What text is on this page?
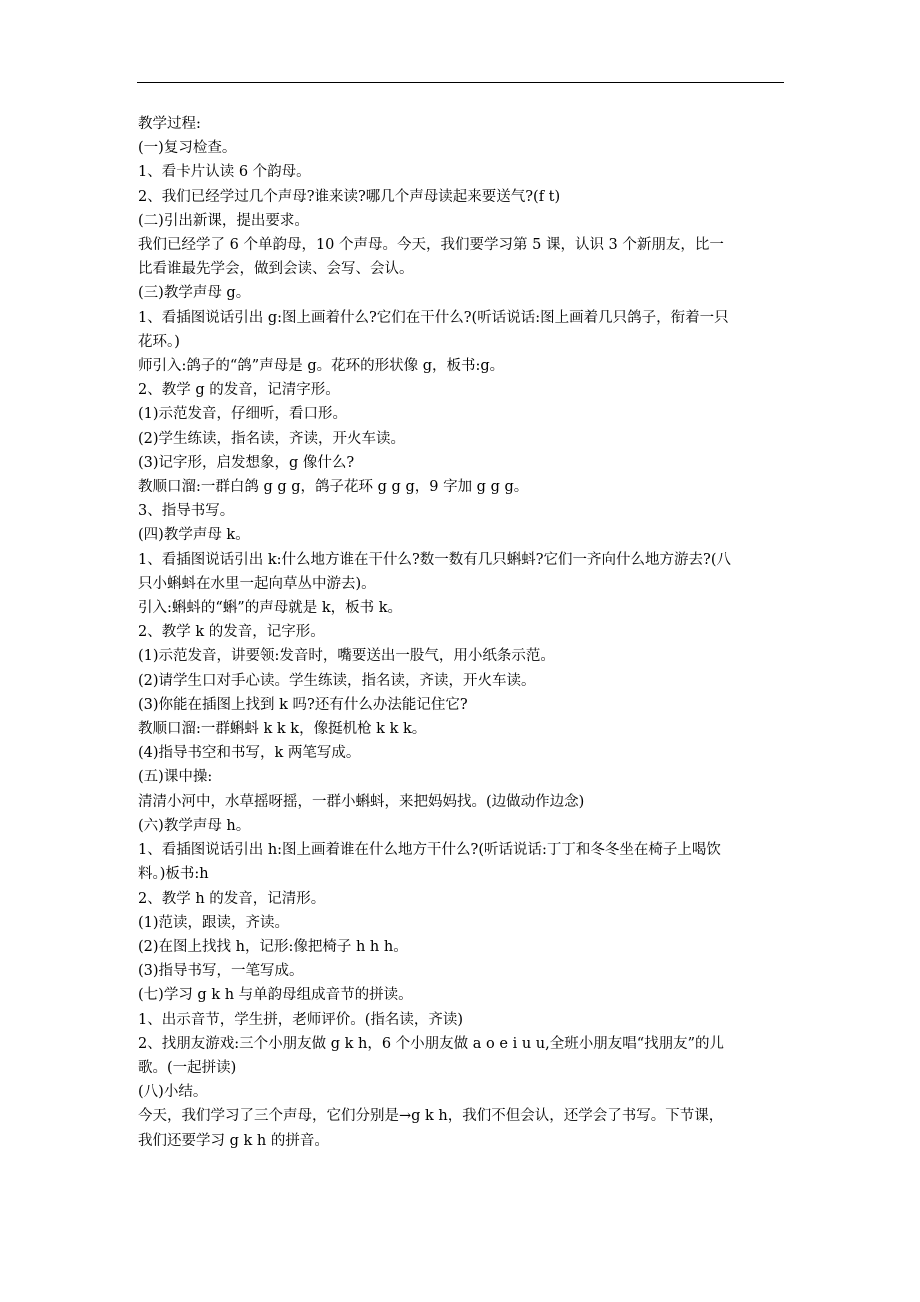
教学过程:
(一)复习检查。
1、看卡片认读 6 个韵母。
2、我们已经学过几个声母?谁来读?哪几个声母读起来要送气?(f t)
(二)引出新课，提出要求。
我们已经学了 6 个单韵母，10 个声母。今天，我们要学习第 5 课，认识 3 个新朋友，比一
比看谁最先学会，做到会读、会写、会认。
(三)教学声母 g。
1、看插图说话引出 g:图上画着什么?它们在干什么?(听话说话:图上画着几只鸽子，衔着一只
花环。)
师引入:鸽子的“鸽”声母是 g。花环的形状像 g，板书:g。
2、教学 g 的发音，记清字形。
(1)示范发音，仔细听，看口形。
(2)学生练读，指名读，齐读，开火车读。
(3)记字形，启发想象，g 像什么?
教顺口溜:一群白鸽 g g g，鸽子花环 g g g，9 字加 g g g。
3、指导书写。
(四)教学声母 k。
1、看插图说话引出 k:什么地方谁在干什么?数一数有几只蝌蚪?它们一齐向什么地方游去?(八
只小蝌蚪在水里一起向草丛中游去)。
引入:蝌蚪的“蝌”的声母就是 k，板书 k。
2、教学 k 的发音，记字形。
(1)示范发音，讲要领:发音时，嘴要送出一股气，用小纸条示范。
(2)请学生口对手心读。学生练读，指名读，齐读，开火车读。
(3)你能在插图上找到 k 吗?还有什么办法能记住它?
教顺口溜:一群蝌蚪 k k k，像挺机枪 k k k。
(4)指导书空和书写，k 两笔写成。
(五)课中操:
清清小河中，水草摇呀摇，一群小蝌蚪，来把妈妈找。(边做动作边念)
(六)教学声母 h。
1、看插图说话引出 h:图上画着谁在什么地方干什么?(听话说话:丁丁和冬冬坐在椅子上喝饮
料。)板书:h
2、教学 h 的发音，记清形。
(1)范读，跟读，齐读。
(2)在图上找找 h，记形:像把椅子 h h h。
(3)指导书写，一笔写成。
(七)学习 g k h 与单韵母组成音节的拼读。
1、出示音节，学生拼，老师评价。(指名读，齐读)
2、找朋友游戏:三个小朋友做 g k h，6 个小朋友做 a o e i u u,全班小朋友唱“找朋友”的儿
歌。(一起拼读)
(八)小结。
今天，我们学习了三个声母，它们分别是→g k h，我们不但会认，还学会了书写。下节课，
我们还要学习 g k h 的拼音。
